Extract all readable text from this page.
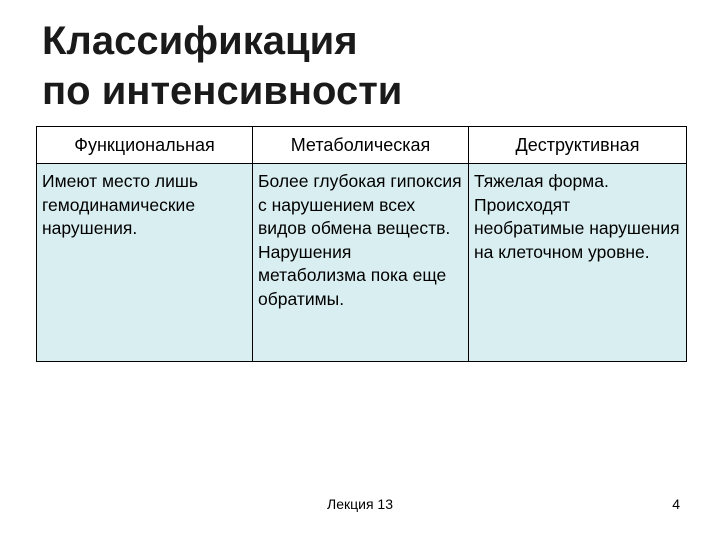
Классификация
по интенсивности
Функциональная	Метаболическая	Деструктивная
Имеют место лишь гемодинамические нарушения.	Более глубокая гипоксия с нарушением всех видов обмена веществ. Нарушения метаболизма пока еще обратимы.	Тяжелая форма. Происходят необратимые нарушения на клеточном уровне.
Лекция 13	4
